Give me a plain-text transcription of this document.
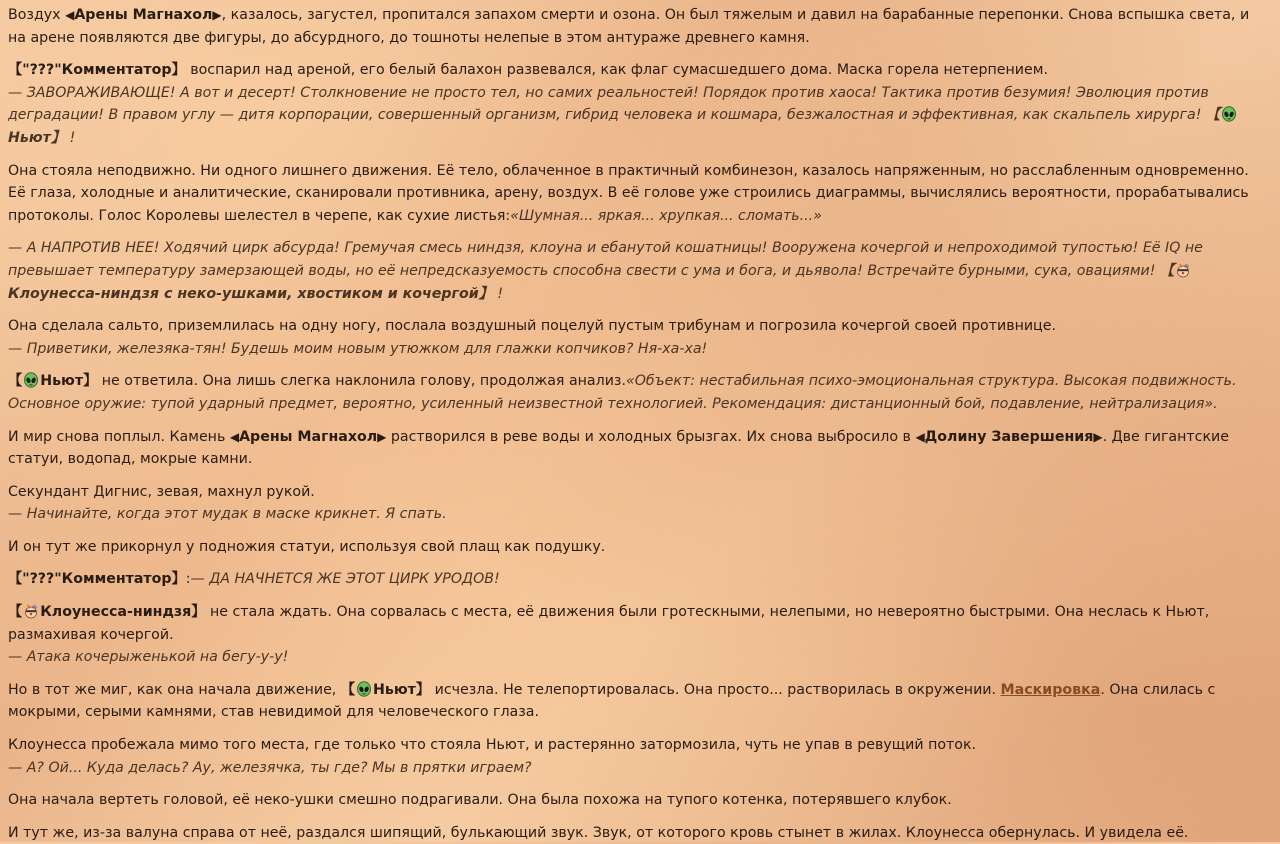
Воздух ◀Арены Магнахол▶, казалось, загустел, пропитался запахом смерти и озона. Он был тяжелым и давил на барабанные перепонки. Снова вспышка света, и на арене появляются две фигуры, до абсурдного, до тошноты нелепые в этом антураже древнего камня.

【"???"Комментатор】 воспарил над ареной, его белый балахон развевался, как флаг сумасшедшего дома. Маска горела нетерпением.
— ЗАВОРАЖИВАЮЩЕ! А вот и десерт! Столкновение не просто тел, но самих реальностей! Порядок против хаоса! Тактика против безумия! Эволюция против деградации! В правом углу — дитя корпорации, совершенный организм, гибрид человека и кошмара, безжалостная и эффективная, как скальпель хирурга! 【Ньют】 !

Она стояла неподвижно. Ни одного лишнего движения. Её тело, облаченное в практичный комбинезон, казалось напряженным, но расслабленным одновременно. Её глаза, холодные и аналитические, сканировали противника, арену, воздух. В её голове уже строились диаграммы, вычислялись вероятности, прорабатывались протоколы. Голос Королевы шелестел в черепе, как сухие листья:«Шумная... яркая... хрупкая... сломать...»

— А НАПРОТИВ НЕЕ! Ходячий цирк абсурда! Гремучая смесь ниндзя, клоуна и ебанутой кошатницы! Вооружена кочергой и непроходимой тупостью! Её IQ не превышает температуру замерзающей воды, но её непредсказуемость способна свести с ума и бога, и дьявола! Встречайте бурными, сука, овациями! 【Клоунесса-ниндзя с неко-ушками, хвостиком и кочергой】 !

Она сделала сальто, приземлилась на одну ногу, послала воздушный поцелуй пустым трибунам и погрозила кочергой своей противнице.
— Приветики, железяка-тян! Будешь моим новым утюжком для глажки копчиков? Ня-ха-ха!

【 Ньют】 не ответила. Она лишь слегка наклонила голову, продолжая анализ.«Объект: нестабильная психо-эмоциональная структура. Высокая подвижность. Основное оружие: тупой ударный предмет, вероятно, усиленный неизвестной технологией. Рекомендация: дистанционный бой, подавление, нейтрализация».

И мир снова поплыл. Камень ◀Арены Магнахол▶ растворился в реве воды и холодных брызгах. Их снова выбросило в ◀Долину Завершения▶. Две гигантские статуи, водопад, мокрые камни.

Секундант Дигнис, зевая, махнул рукой.
— Начинайте, когда этот мудак в маске крикнет. Я спать.

И он тут же прикорнул у подножия статуи, используя свой плащ как подушку.

【"???"Комментатор】:— ДА НАЧНЕТСЯ ЖЕ ЭТОТ ЦИРК УРОДОВ!

【 Клоунесса-ниндзя】 не стала ждать. Она сорвалась с места, её движения были гротескными, нелепыми, но невероятно быстрыми. Она неслась к Ньют, размахивая кочергой.
— Атака кочерыженькой на бегу-у-у!

Но в тот же миг, как она начала движение, 【 Ньют】 исчезла. Не телепортировалась. Она просто... растворилась в окружении. Маскировка. Она слилась с мокрыми, серыми камнями, став невидимой для человеческого глаза.

Клоунесса пробежала мимо того места, где только что стояла Ньют, и растерянно затормозила, чуть не упав в ревущий поток.
— А? Ой... Куда делась? Ау, железячка, ты где? Мы в прятки играем?

Она начала вертеть головой, её неко-ушки смешно подрагивали. Она была похожа на тупого котенка, потерявшего клубок.

И тут же, из-за валуна справа от неё, раздался шипящий, булькающий звук. Звук, от которого кровь стынет в жилах. Клоунесса обернулась. И увидела её.
